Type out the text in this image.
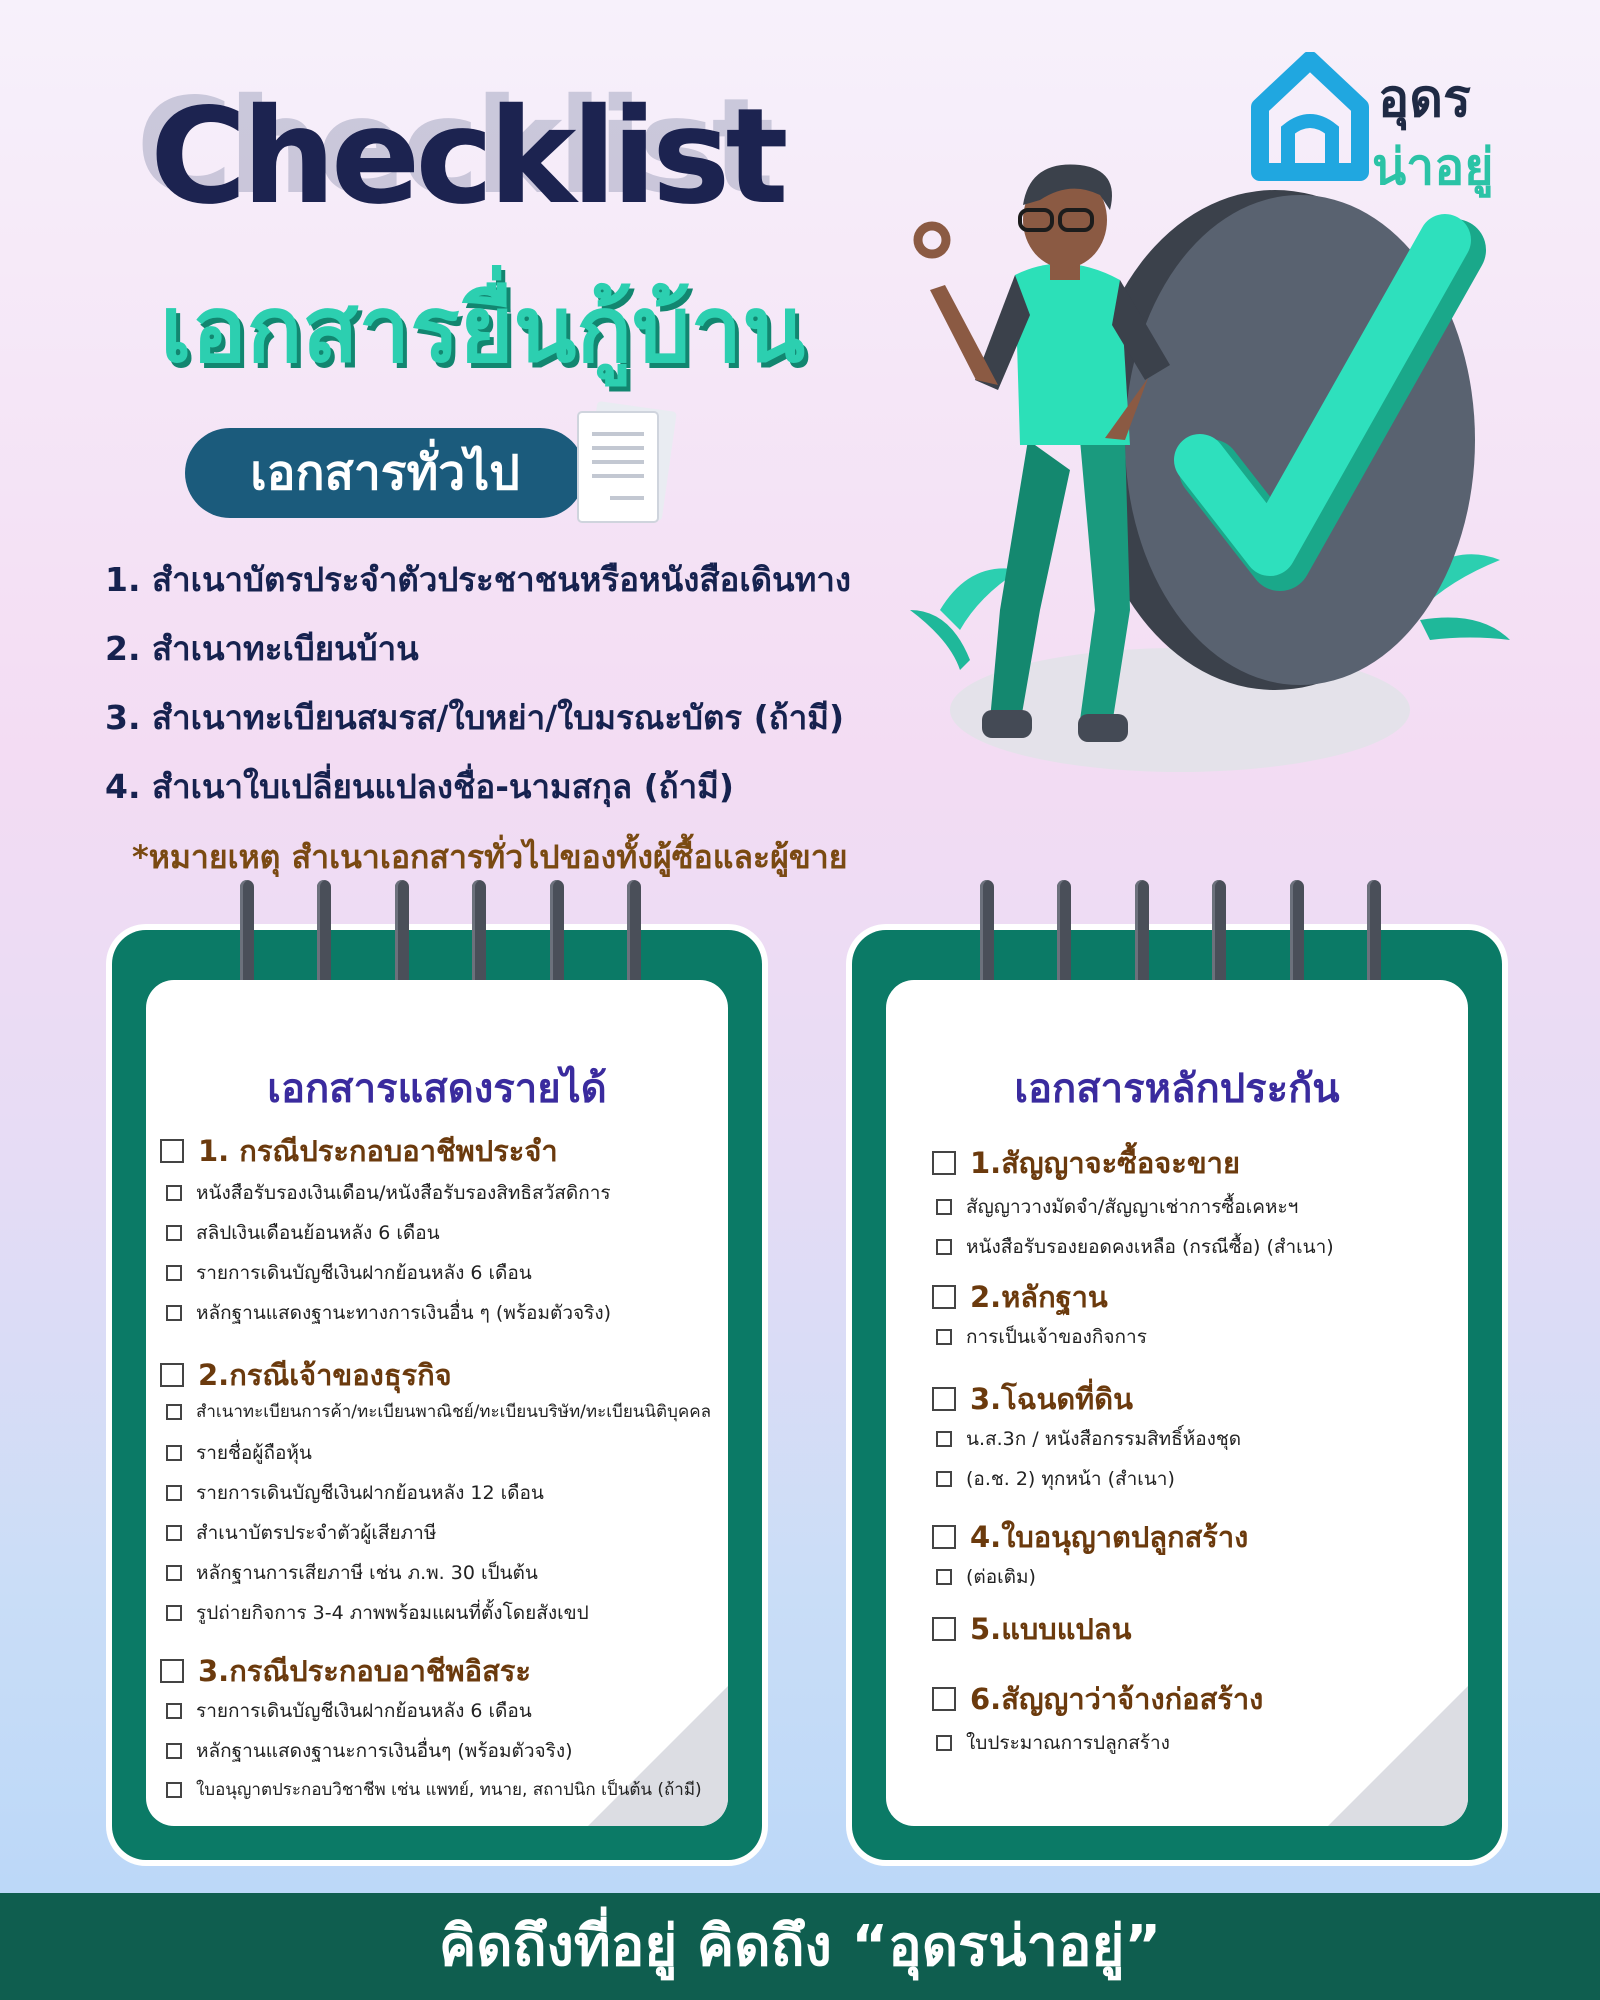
Checklist
เอกสารยื่นกู้บ้าน
อุดร
น่าอยู่
เอกสารทั่วไป
1. สำเนาบัตรประจำตัวประชาชนหรือหนังสือเดินทาง
2. สำเนาทะเบียนบ้าน
3. สำเนาทะเบียนสมรส/ใบหย่า/ใบมรณะบัตร (ถ้ามี)
4. สำเนาใบเปลี่ยนแปลงชื่อ-นามสกุล (ถ้ามี)
*หมายเหตุ สำเนาเอกสารทั่วไปของทั้งผู้ซื้อและผู้ขาย
เอกสารแสดงรายได้
1. กรณีประกอบอาชีพประจำ
หนังสือรับรองเงินเดือน/หนังสือรับรองสิทธิสวัสดิการ
สลิปเงินเดือนย้อนหลัง 6 เดือน
รายการเดินบัญชีเงินฝากย้อนหลัง 6 เดือน
หลักฐานแสดงฐานะทางการเงินอื่น ๆ (พร้อมตัวจริง)
2.กรณีเจ้าของธุรกิจ
สำเนาทะเบียนการค้า/ทะเบียนพาณิชย์/ทะเบียนบริษัท/ทะเบียนนิติบุคคล
รายชื่อผู้ถือหุ้น
รายการเดินบัญชีเงินฝากย้อนหลัง 12 เดือน
สำเนาบัตรประจำตัวผู้เสียภาษี
หลักฐานการเสียภาษี เช่น ภ.พ. 30 เป็นต้น
รูปถ่ายกิจการ 3-4 ภาพพร้อมแผนที่ตั้งโดยสังเขป
3.กรณีประกอบอาชีพอิสระ
รายการเดินบัญชีเงินฝากย้อนหลัง 6 เดือน
หลักฐานแสดงฐานะการเงินอื่นๆ (พร้อมตัวจริง)
ใบอนุญาตประกอบวิชาชีพ เช่น แพทย์, ทนาย, สถาปนิก เป็นต้น (ถ้ามี)
เอกสารหลักประกัน
1.สัญญาจะซื้อจะขาย
สัญญาวางมัดจำ/สัญญาเช่าการซื้อเคหะฯ
หนังสือรับรองยอดคงเหลือ (กรณีซื้อ) (สำเนา)
2.หลักฐาน
การเป็นเจ้าของกิจการ
3.โฉนดที่ดิน
น.ส.3ก / หนังสือกรรมสิทธิ์ห้องชุด
(อ.ช. 2) ทุกหน้า (สำเนา)
4.ใบอนุญาตปลูกสร้าง
(ต่อเติม)
5.แบบแปลน
6.สัญญาว่าจ้างก่อสร้าง
ใบประมาณการปลูกสร้าง
คิดถึงที่อยู่ คิดถึง “อุดรน่าอยู่”
